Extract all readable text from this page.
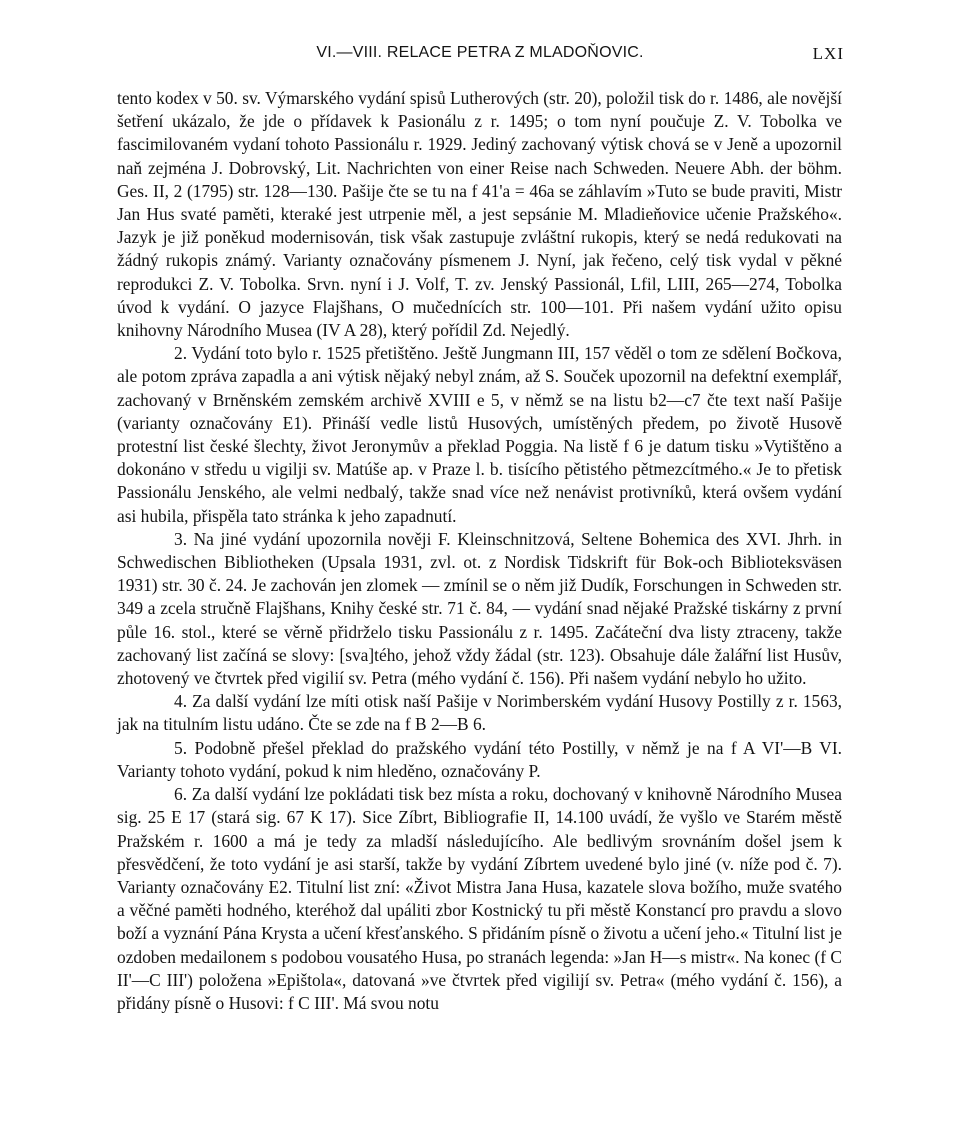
VI.—VIII. RELACE PETRA Z MLADOŇOVIC.	LXI

tento kodex v 50. sv. Výmarského vydání spisů Lutherových (str. 20), položil tisk do r. 1486, ale novější šetření ukázalo, že jde o přídavek k Pasionálu z r. 1495; o tom nyní poučuje Z. V. Tobolka ve fascimilovaném vydaní tohoto Passionálu r. 1929. Jediný zachovaný výtisk chová se v Jeně a upozornil naň zejména J. Dobrovský, Lit. Nachrichten von einer Reise nach Schweden. Neuere Abh. der böhm. Ges. II, 2 (1795) str. 128—130. Pašije čte se tu na f 41'a = 46a se záhlavím »Tuto se bude praviti, Mistr Jan Hus svaté paměti, kteraké jest utrpenie měl, a jest sepsánie M. Mladieňovice učenie Pražského«. Jazyk je již poněkud modernisován, tisk však zastupuje zvláštní rukopis, který se nedá redukovati na žádný rukopis známý. Varianty označovány písmenem J. Nyní, jak řečeno, celý tisk vydal v pěkné reprodukci Z. V. Tobolka. Srvn. nyní i J. Volf, T. zv. Jenský Passionál, Lfil, LIII, 265—274, Tobolka úvod k vydání. O jazyce Flajšhans, O mučednících str. 100—101. Při našem vydání užito opisu knihovny Národního Musea (IV A 28), který pořídil Zd. Nejedlý.

2. Vydání toto bylo r. 1525 přetištěno. Ještě Jungmann III, 157 věděl o tom ze sdělení Bočkova, ale potom zpráva zapadla a ani výtisk nějaký nebyl znám, až S. Souček upozornil na defektní exemplář, zachovaný v Brněnském zemském archivě XVIII e 5, v němž se na listu b2—c7 čte text naší Pašije (varianty označovány E1). Přináší vedle listů Husových, umístěných předem, po životě Husově protestní list české šlechty, život Jeronymův a překlad Poggia. Na listě f 6 je datum tisku »Vytištěno a dokonáno v středu u vigilji sv. Matúše ap. v Praze l. b. tisícího pětistého pětmezcítmého.« Je to přetisk Passionálu Jenského, ale velmi nedbalý, takže snad více než nenávist protivníků, která ovšem vydání asi hubila, přispěla tato stránka k jeho zapadnutí.

3. Na jiné vydání upozornila nověji F. Kleinschnitzová, Seltene Bohemica des XVI. Jhrh. in Schwedischen Bibliotheken (Upsala 1931, zvl. ot. z Nordisk Tidskrift für Bok-och Biblioteksväsen 1931) str. 30 č. 24. Je zachován jen zlomek — zmínil se o něm již Dudík, Forschungen in Schweden str. 349 a zcela stručně Flajšhans, Knihy české str. 71 č. 84, — vydání snad nějaké Pražské tiskárny z první půle 16. stol., které se věrně přidrželo tisku Passionálu z r. 1495. Začáteční dva listy ztraceny, takže zachovaný list začíná se slovy: [sva]tého, jehož vždy žádal (str. 123). Obsahuje dále žalářní list Husův, zhotovený ve čtvrtek před vigilií sv. Petra (mého vydání č. 156). Při našem vydání nebylo ho užito.

4. Za další vydání lze míti otisk naší Pašije v Norimberském vydání Husovy Postilly z r. 1563, jak na titulním listu udáno. Čte se zde na f B 2—B 6.

5. Podobně přešel překlad do pražského vydání této Postilly, v němž je na f A VI'—B VI. Varianty tohoto vydání, pokud k nim hleděno, označovány P.

6. Za další vydání lze pokládati tisk bez místa a roku, dochovaný v knihovně Národního Musea sig. 25 E 17 (stará sig. 67 K 17). Sice Zíbrt, Bibliografie II, 14.100 uvádí, že vyšlo ve Starém městě Pražském r. 1600 a má je tedy za mladší následujícího. Ale bedlivým srovnáním došel jsem k přesvědčení, že toto vydání je asi starší, takže by vydání Zíbrtem uvedené bylo jiné (v. níže pod č. 7). Varianty označovány E2. Titulní list zní: «Život Mistra Jana Husa, kazatele slova božího, muže svatého a věčné paměti hodného, kteréhož dal upáliti zbor Kostnický tu při městě Konstancí pro pravdu a slovo boží a vyznání Pána Krysta a učení křesťanského. S přidáním písně o životu a učení jeho.« Titulní list je ozdoben medailonem s podobou vousatého Husa, po stranách legenda: »Jan H—s mistr«. Na konec (f C II'—C III') položena »Epištola«, datovaná »ve čtvrtek před vigilijí sv. Petra« (mého vydání č. 156), a přidány písně o Husovi: f C III'. Má svou notu
